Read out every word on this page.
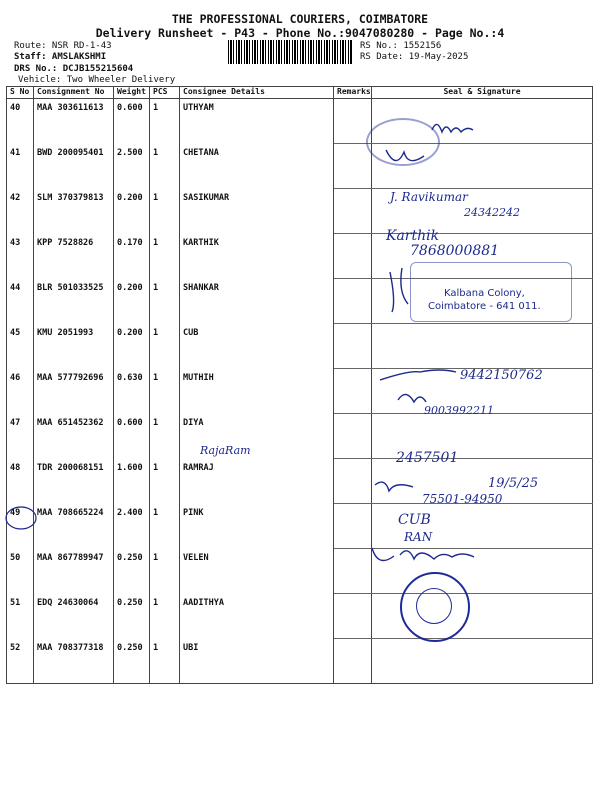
THE PROFESSIONAL COURIERS, COIMBATORE
Delivery Runsheet - P43 - Phone No.:9047080280 - Page No.:4
Route: NSR RD-1-43
Staff: AMSLAKSHMI
DRS No.: DCJB155215604
Vehicle: Two Wheeler Delivery
RS No.: 1552156
RS Date: 19-May-2025
S No	Consignment No	Weight	PCS	Consignee Details	Remarks	Seal & Signature
40	MAA 303611613	0.600	1	UTHYAM		
41	BWD 200095401	2.500	1	CHETANA		
42	SLM 370379813	0.200	1	SASIKUMAR		
43	KPP 7528826	0.170	1	KARTHIK		
44	BLR 501033525	0.200	1	SHANKAR		
45	KMU 2051993	0.200	1	CUB		
46	MAA 577792696	0.630	1	MUTHIH		
47	MAA 651452362	0.600	1	DIYA		
48	TDR 200068151	1.600	1	RAMRAJ		
49	MAA 708665224	2.400	1	PINK		
50	MAA 867789947	0.250	1	VELEN		
51	EDQ 24630064	0.250	1	AADITHYA		
52	MAA 708377318	0.250	1	UBI		
J. Ravikumar
24342242
Karthik
7868000881
Kalbana Colony,
Coimbatore - 641 011.
9442150762
9003992211
RajaRam	2457501
19/5/25
75501-94950
CUB
RAN
